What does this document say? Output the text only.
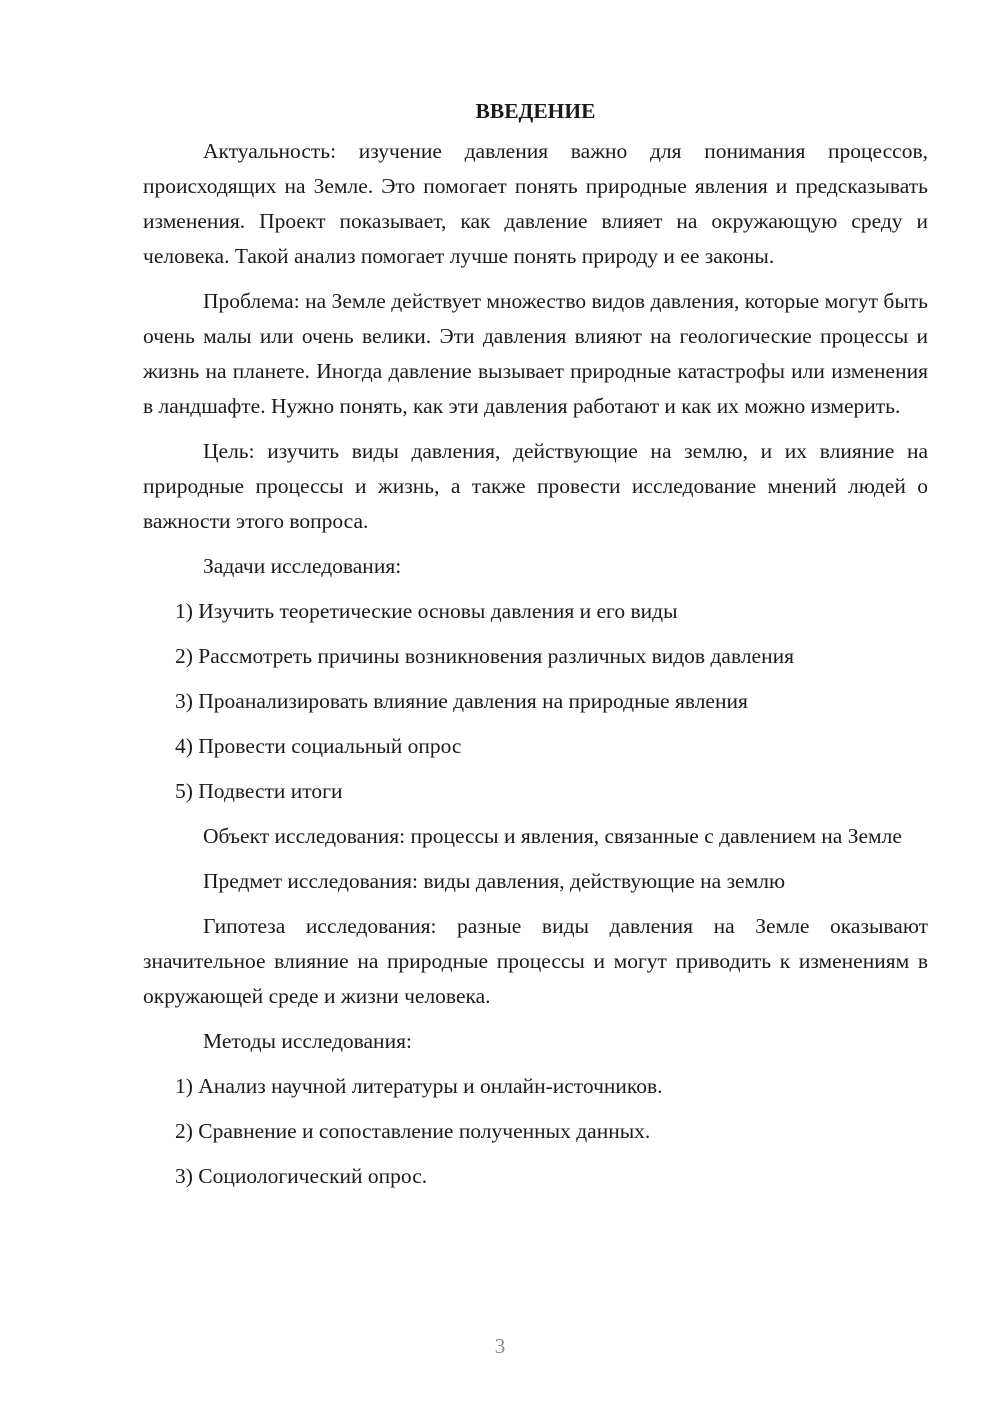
ВВЕДЕНИЕ

Актуальность: изучение давления важно для понимания процессов, происходящих на Земле. Это помогает понять природные явления и предсказывать изменения. Проект показывает, как давление влияет на окружающую среду и человека. Такой анализ помогает лучше понять природу и ее законы.

Проблема: на Земле действует множество видов давления, которые могут быть очень малы или очень велики. Эти давления влияют на геологические процессы и жизнь на планете. Иногда давление вызывает природные катастрофы или изменения в ландшафте. Нужно понять, как эти давления работают и как их можно измерить.

Цель: изучить виды давления, действующие на землю, и их влияние на природные процессы и жизнь, а также провести исследование мнений людей о важности этого вопроса.

Задачи исследования:

1) Изучить теоретические основы давления и его виды

2) Рассмотреть причины возникновения различных видов давления

3) Проанализировать влияние давления на природные явления

4) Провести социальный опрос

5) Подвести итоги

Объект исследования: процессы и явления, связанные с давлением на Земле

Предмет исследования: виды давления, действующие на землю

Гипотеза исследования: разные виды давления на Земле оказывают значительное влияние на природные процессы и могут приводить к изменениям в окружающей среде и жизни человека.

Методы исследования:

1) Анализ научной литературы и онлайн-источников.

2) Сравнение и сопоставление полученных данных.

3) Социологический опрос.

3
